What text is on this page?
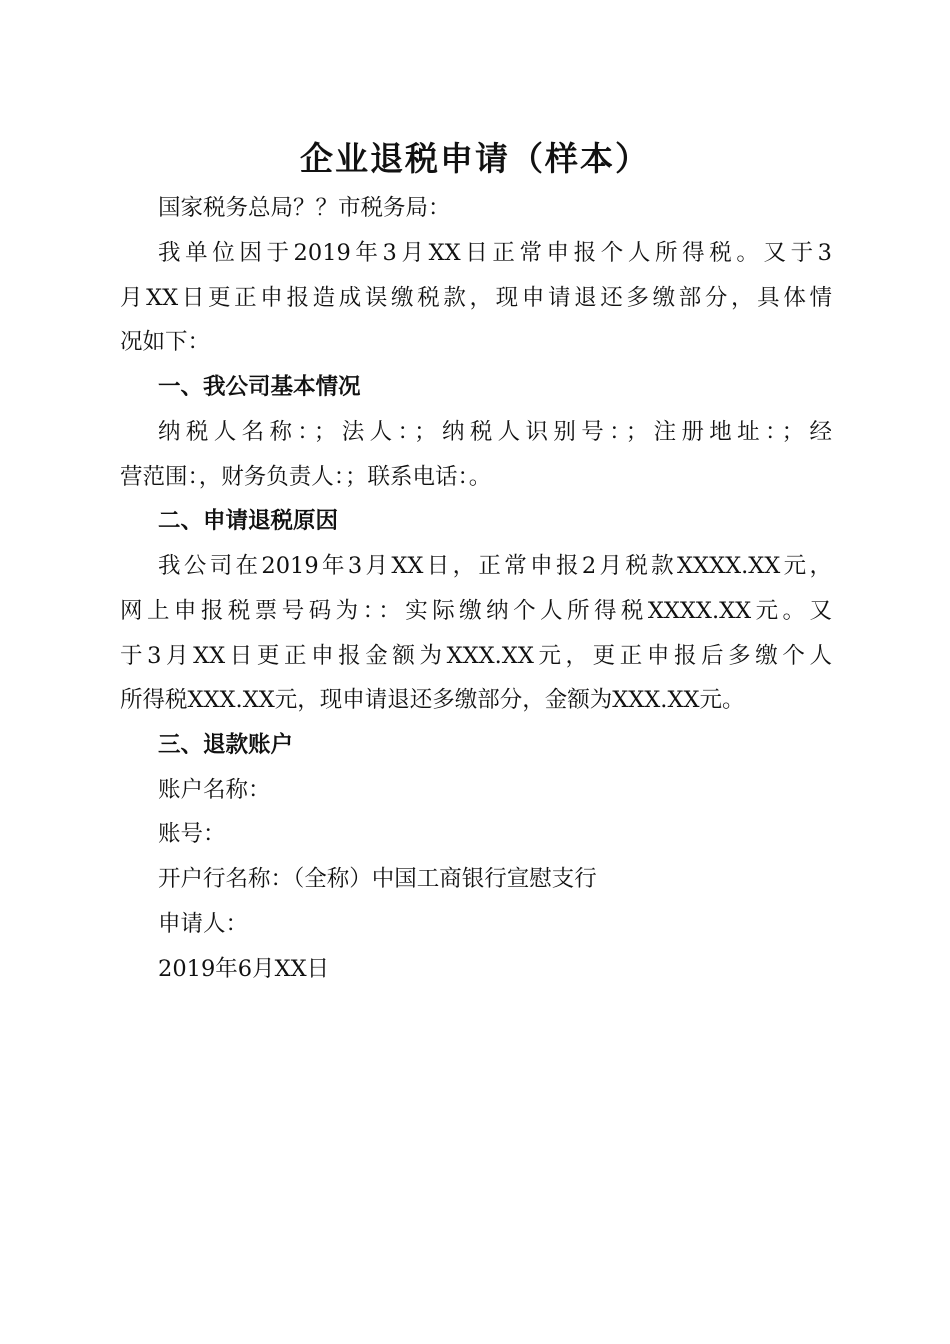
企业退税申请（样本）
国家税务总局？？市税务局：
我单位因于2019年3月XX日正常申报个人所得税。又于3
月XX日更正申报造成误缴税款，现申请退还多缴部分，具体情
况如下：
一、我公司基本情况
纳税人名称：；法人：；纳税人识别号：；注册地址：；经
营范围：，财务负责人：；联系电话：。
二、申请退税原因
我公司在2019年3月XX日，正常申报2月税款XXXX.XX元，
网上申报税票号码为：：实际缴纳个人所得税XXXX.XX元。又
于3月XX日更正申报金额为XXX.XX元，更正申报后多缴个人
所得税XXX.XX元，现申请退还多缴部分，金额为XXX.XX元。
三、退款账户
账户名称：
账号：
开户行名称：（全称）中国工商银行宣慰支行
申请人：
2019年6月XX日
